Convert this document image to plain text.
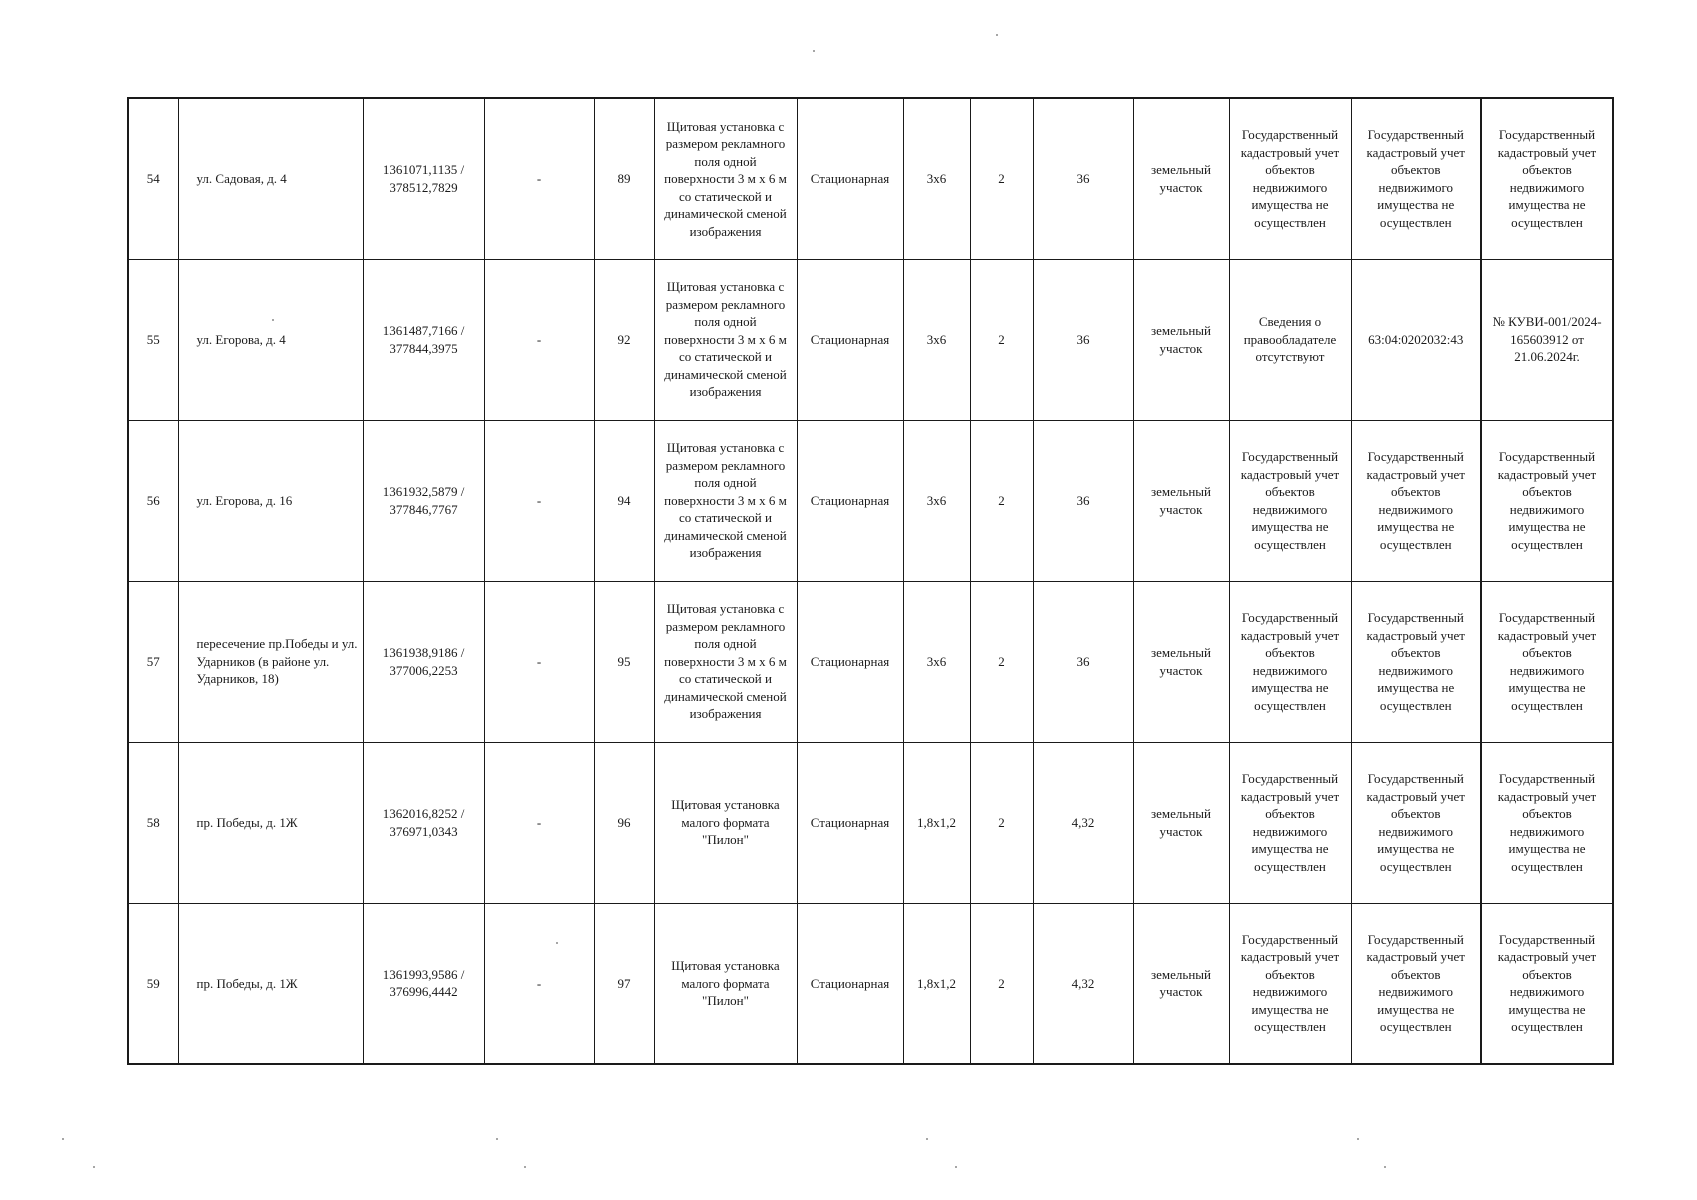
54	ул. Садовая, д. 4	1361071,1135 / 378512,7829	-	89	Щитовая установка с размером рекламного поля одной поверхности 3 м х 6 м со статической и динамической сменой изображения	Стационарная	3х6	2	36	земельный участок	Государственный кадастровый учет объектов недвижимого имущества не осуществлен	Государственный кадастровый учет объектов недвижимого имущества не осуществлен	Государственный кадастровый учет объектов недвижимого имущества не осуществлен
55	ул. Егорова, д. 4	1361487,7166 / 377844,3975	-	92	Щитовая установка с размером рекламного поля одной поверхности 3 м х 6 м со статической и динамической сменой изображения	Стационарная	3х6	2	36	земельный участок	Сведения о правообладателе отсутствуют	63:04:0202032:43	№ КУВИ-001/2024-165603912 от 21.06.2024г.
56	ул. Егорова, д. 16	1361932,5879 / 377846,7767	-	94	Щитовая установка с размером рекламного поля одной поверхности 3 м х 6 м со статической и динамической сменой изображения	Стационарная	3х6	2	36	земельный участок	Государственный кадастровый учет объектов недвижимого имущества не осуществлен	Государственный кадастровый учет объектов недвижимого имущества не осуществлен	Государственный кадастровый учет объектов недвижимого имущества не осуществлен
57	пересечение пр.Победы и ул. Ударников (в районе ул. Ударников, 18)	1361938,9186 / 377006,2253	-	95	Щитовая установка с размером рекламного поля одной поверхности 3 м х 6 м со статической и динамической сменой изображения	Стационарная	3х6	2	36	земельный участок	Государственный кадастровый учет объектов недвижимого имущества не осуществлен	Государственный кадастровый учет объектов недвижимого имущества не осуществлен	Государственный кадастровый учет объектов недвижимого имущества не осуществлен
58	пр. Победы, д. 1Ж	1362016,8252 / 376971,0343	-	96	Щитовая установка малого формата "Пилон"	Стационарная	1,8х1,2	2	4,32	земельный участок	Государственный кадастровый учет объектов недвижимого имущества не осуществлен	Государственный кадастровый учет объектов недвижимого имущества не осуществлен	Государственный кадастровый учет объектов недвижимого имущества не осуществлен
59	пр. Победы, д. 1Ж	1361993,9586 / 376996,4442	-	97	Щитовая установка малого формата "Пилон"	Стационарная	1,8х1,2	2	4,32	земельный участок	Государственный кадастровый учет объектов недвижимого имущества не осуществлен	Государственный кадастровый учет объектов недвижимого имущества не осуществлен	Государственный кадастровый учет объектов недвижимого имущества не осуществлен
